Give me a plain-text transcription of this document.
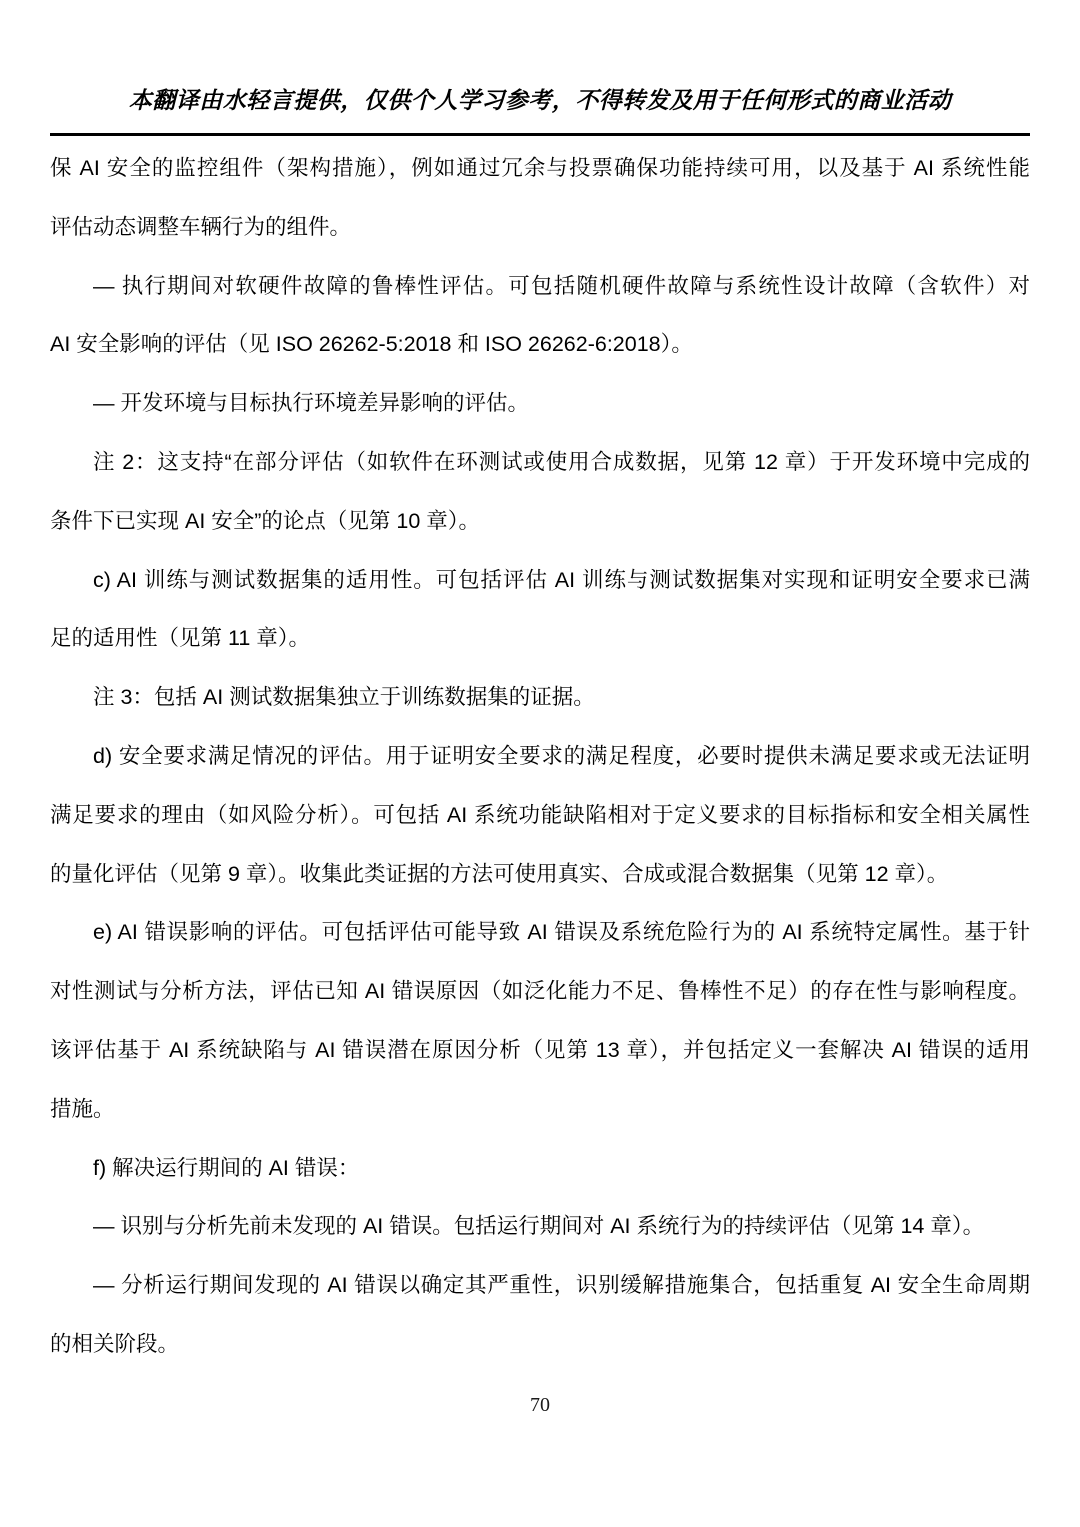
本翻译由水轻言提供，仅供个人学习参考，不得转发及用于任何形式的商业活动
保 AI 安全的监控组件（架构措施），例如通过冗余与投票确保功能持续可用，以及基于 AI 系统性能
评估动态调整车辆行为的组件。
— 执行期间对软硬件故障的鲁棒性评估。可包括随机硬件故障与系统性设计故障（含软件）对
AI 安全影响的评估（见 ISO 26262-5:2018 和 ISO 26262-6:2018）。
— 开发环境与目标执行环境差异影响的评估。
注 2：这支持“在部分评估（如软件在环测试或使用合成数据，见第 12 章）于开发环境中完成的
条件下已实现 AI 安全”的论点（见第 10 章）。
c) AI 训练与测试数据集的适用性。可包括评估 AI 训练与测试数据集对实现和证明安全要求已满
足的适用性（见第 11 章）。
注 3：包括 AI 测试数据集独立于训练数据集的证据。
d) 安全要求满足情况的评估。用于证明安全要求的满足程度，必要时提供未满足要求或无法证明
满足要求的理由（如风险分析）。可包括 AI 系统功能缺陷相对于定义要求的目标指标和安全相关属性
的量化评估（见第 9 章）。收集此类证据的方法可使用真实、合成或混合数据集（见第 12 章）。
e) AI 错误影响的评估。可包括评估可能导致 AI 错误及系统危险行为的 AI 系统特定属性。基于针
对性测试与分析方法，评估已知 AI 错误原因（如泛化能力不足、鲁棒性不足）的存在性与影响程度。
该评估基于 AI 系统缺陷与 AI 错误潜在原因分析（见第 13 章），并包括定义一套解决 AI 错误的适用
措施。
f) 解决运行期间的 AI 错误：
— 识别与分析先前未发现的 AI 错误。包括运行期间对 AI 系统行为的持续评估（见第 14 章）。
— 分析运行期间发现的 AI 错误以确定其严重性，识别缓解措施集合，包括重复 AI 安全生命周期
的相关阶段。
70
